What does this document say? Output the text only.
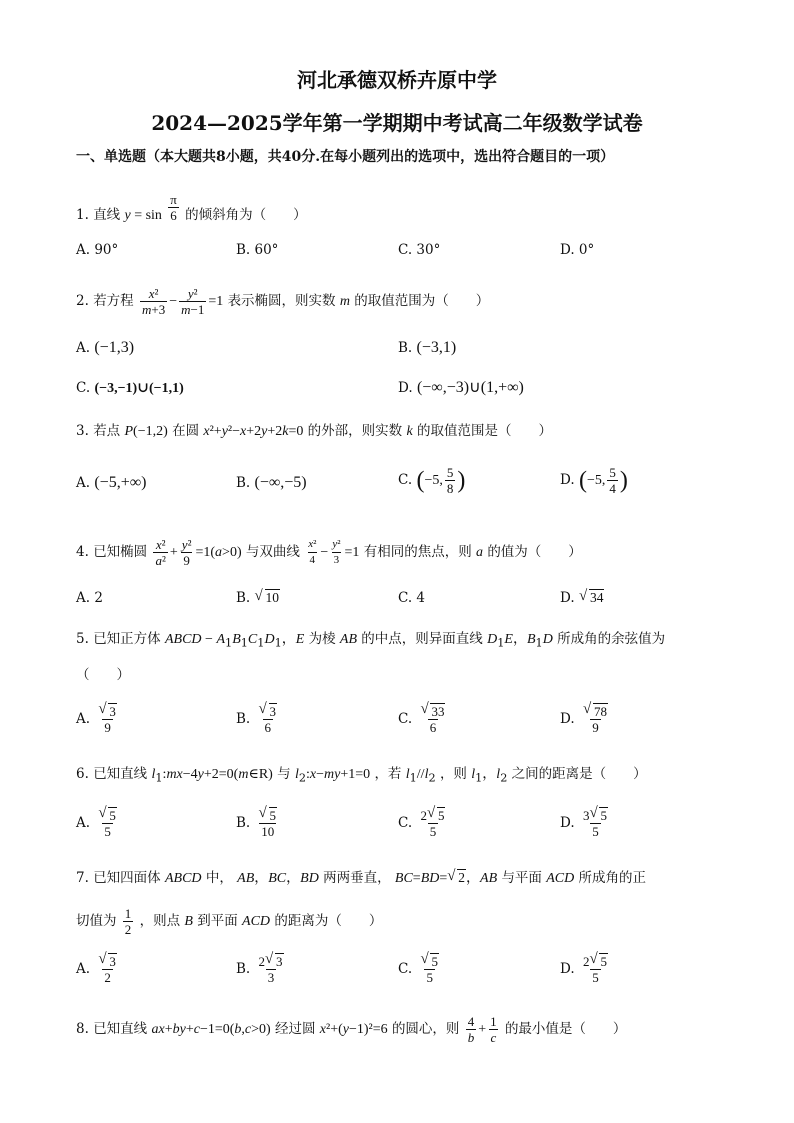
河北承德双桥卉原中学
2024—2025学年第一学期期中考试高二年级数学试卷
一、单选题（本大题共8小题，共40分.在每小题列出的选项中，选出符合题目的一项）
1. 直线 $y = \sin \frac{\pi}{6}$ 的倾斜角为（　　）
A. 90°	B. 60°	C. 30°	D. 0°
2. 若方程 $\frac{\text{x²}}{m+3} - \frac{\text{y²}}{m-1} =1$ 表示椭圆，则实数 m 的取值范围为（　　）
A. (−1,3)	B. (−3,1)
C. (−3,−1)∪(−1,1)	D. (−∞,−3)∪(1,+∞)
3. 若点 P(−1,2) 在圆 x²+y²−x+2y+2k=0 的外部，则实数 k 的取值范围是（　　）
A. (−5,+∞)	B. (−∞,−5)	C. (−5, $\frac{5}{8}$ )	D. (−5, $\frac{5}{4}$ )
4. 已知椭圆 $\frac{\text{x²}}{\text{a²}} + \frac{\text{y²}}{9} =1(a>0)$ 与双曲线 $\frac{\text{x²}}{4} - \frac{\text{y²}}{3} =1$ 有相同的焦点，则 a 的值为（　　）
A. 2	B. √ 10	C. 4	D. √ 34
5. 已知正方体 ABCD − $A_1B_1C_1D_1$，E 为棱 AB 的中点，则异面直线 $D_1E$，$B_1D$ 所成角的余弦值为
（　　）
A. $\frac{√ 3}{9}$	B. $\frac{√ 3}{6}$	C. $\frac{√ 33}{6}$	D. $\frac{√ 78}{9}$
6. 已知直线 $l_1:mx-4y+2=0(m\in R)$ 与 $l_2:x-my+1=0$ ，若 $l_1//l_2$ ，则 $l_1$，$l_2$ 之间的距离是（　　）
A. $\frac{√ 5}{5}$	B. $\frac{√ 5}{10}$	C. $\frac{2 √ 5}{5}$	D. $\frac{3 √ 5}{5}$
7. 已知四面体 ABCD 中， AB，BC，BD 两两垂直， BC=BD= √ 2，AB 与平面 ACD 所成角的正
切值为 $\frac{1}{2}$ ，则点 B 到平面 ACD 的距离为（　　）
A. $\frac{√ 3}{2}$	B. $\frac{2 √ 3}{3}$	C. $\frac{√ 5}{5}$	D. $\frac{2 √ 5}{5}$
8. 已知直线 ax+by+c−1=0(b,c>0) 经过圆 x²+(y−1)²=6 的圆心，则 $\frac{4}{b} + \frac{1}{c}$ 的最小值是（　　）
